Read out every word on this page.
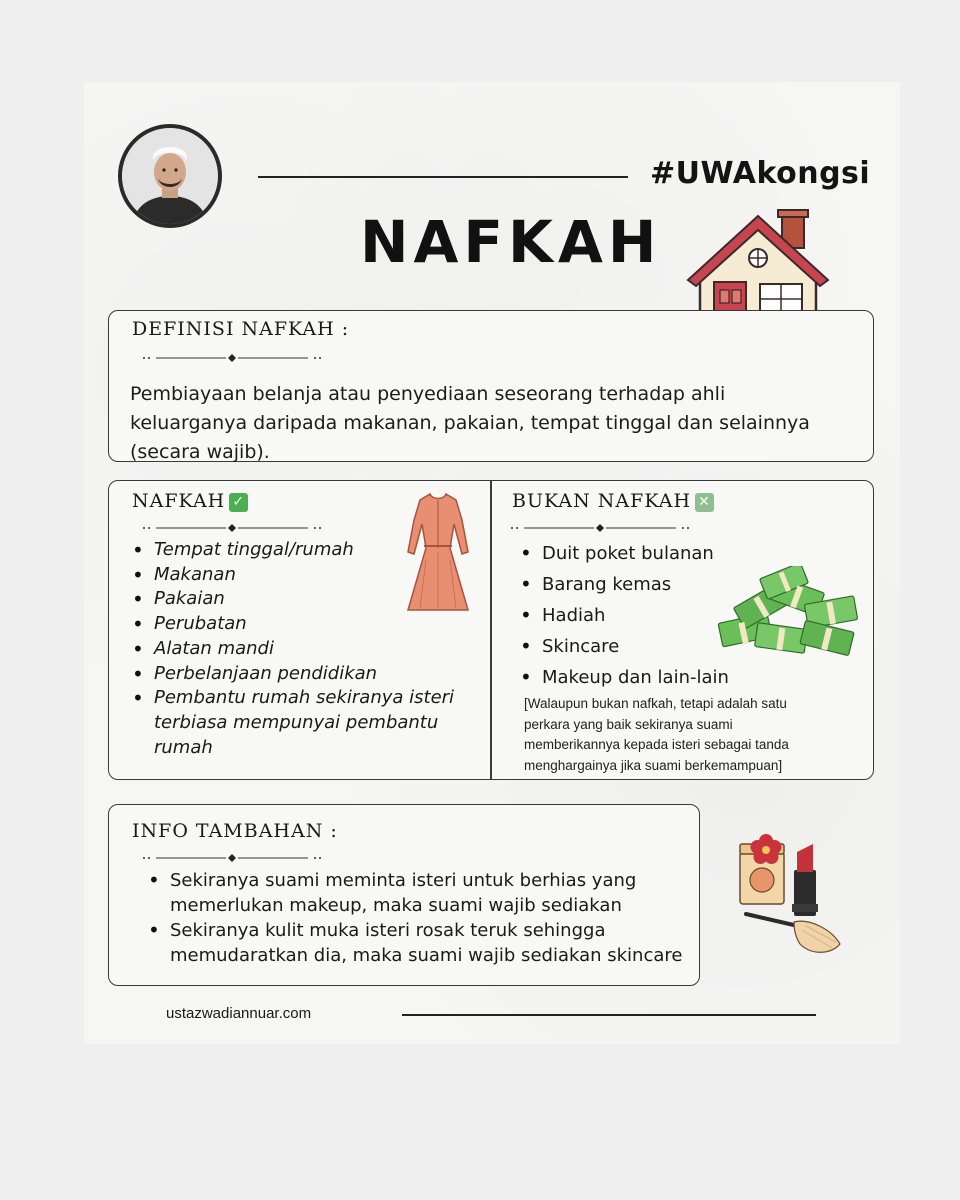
#UWAkongsi
NAFKAH
DEFINISI NAFKAH :
Pembiayaan belanja atau penyediaan seseorang terhadap ahli keluarganya daripada makanan, pakaian, tempat tinggal dan selainnya (secara wajib).
NAFKAH ✓
• Tempat tinggal/rumah
• Makanan
• Pakaian
• Perubatan
• Alatan mandi
• Perbelanjaan pendidikan
• Pembantu rumah sekiranya isteri terbiasa mempunyai pembantu rumah
BUKAN NAFKAH ✕
• Duit poket bulanan
• Barang kemas
• Hadiah
• Skincare
• Makeup dan lain-lain
[Walaupun bukan nafkah, tetapi adalah satu perkara yang baik sekiranya suami memberikannya kepada isteri sebagai tanda menghargainya jika suami berkemampuan]
INFO TAMBAHAN :
• Sekiranya suami meminta isteri untuk berhias yang memerlukan makeup, maka suami wajib sediakan
• Sekiranya kulit muka isteri rosak teruk sehingga memudaratkan dia, maka suami wajib sediakan skincare
ustazwadiannuar.com
